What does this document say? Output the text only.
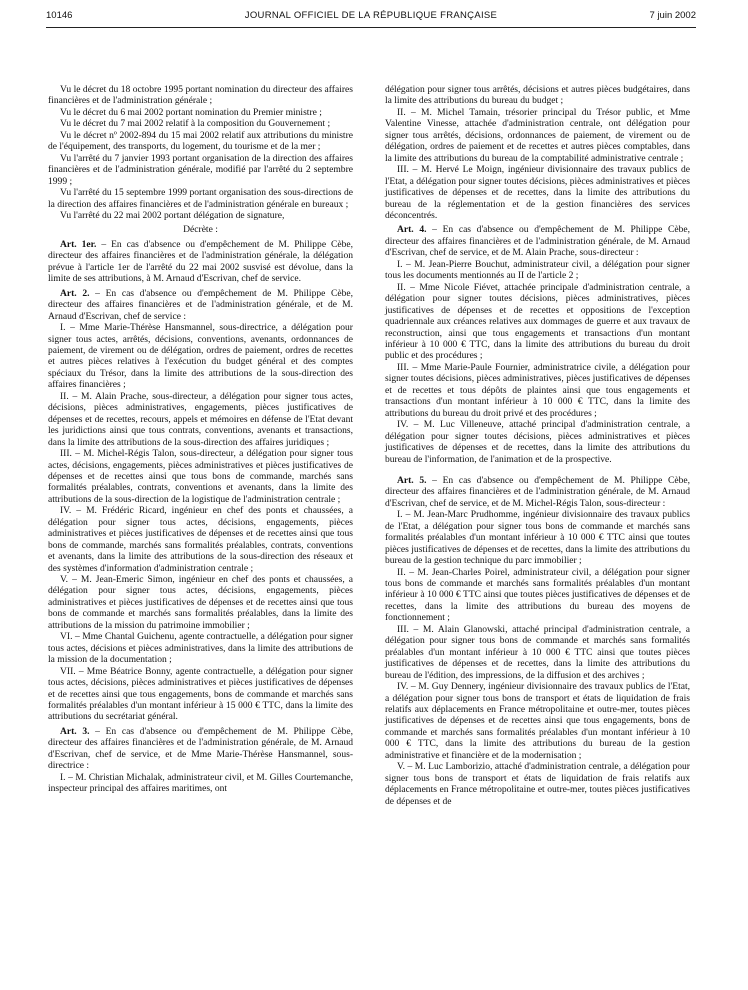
10146	JOURNAL OFFICIEL DE LA RÉPUBLIQUE FRANÇAISE	7 juin 2002

Vu le décret du 18 octobre 1995 portant nomination du directeur des affaires financières et de l'administration générale ;

Vu le décret du 6 mai 2002 portant nomination du Premier ministre ;

Vu le décret du 7 mai 2002 relatif à la composition du Gouvernement ;

Vu le décret nº 2002-894 du 15 mai 2002 relatif aux attributions du ministre de l'équipement, des transports, du logement, du tourisme et de la mer ;

Vu l'arrêté du 7 janvier 1993 portant organisation de la direction des affaires financières et de l'administration générale, modifié par l'arrêté du 2 septembre 1999 ;

Vu l'arrêté du 15 septembre 1999 portant organisation des sous-directions de la direction des affaires financières et de l'administration générale en bureaux ;

Vu l'arrêté du 22 mai 2002 portant délégation de signature,

Décrète :

Art. 1er. – En cas d'absence ou d'empêchement de M. Philippe Cèbe, directeur des affaires financières et de l'administration générale, la délégation prévue à l'article 1er de l'arrêté du 22 mai 2002 susvisé est dévolue, dans la limite de ses attributions, à M. Arnaud d'Escrivan, chef de service.

Art. 2. – En cas d'absence ou d'empêchement de M. Philippe Cèbe, directeur des affaires financières et de l'administration générale, et de M. Arnaud d'Escrivan, chef de service :

I. – Mme Marie-Thérèse Hansmannel, sous-directrice, a délégation pour signer tous actes, arrêtés, décisions, conventions, avenants, ordonnances de paiement, de virement ou de délégation, ordres de paiement, ordres de recettes et autres pièces relatives à l'exécution du budget général et des comptes spéciaux du Trésor, dans la limite des attributions de la sous-direction des affaires financières ;

II. – M. Alain Prache, sous-directeur, a délégation pour signer tous actes, décisions, pièces administratives, engagements, pièces justificatives de dépenses et de recettes, recours, appels et mémoires en défense de l'Etat devant les juridictions ainsi que tous contrats, conventions, avenants et transactions, dans la limite des attributions de la sous-direction des affaires juridiques ;

III. – M. Michel-Régis Talon, sous-directeur, a délégation pour signer tous actes, décisions, engagements, pièces administratives et pièces justificatives de dépenses et de recettes ainsi que tous bons de commande, marchés sans formalités préalables, contrats, conventions et avenants, dans la limite des attributions de la sous-direction de la logistique de l'administration centrale ;

IV. – M. Frédéric Ricard, ingénieur en chef des ponts et chaussées, a délégation pour signer tous actes, décisions, engagements, pièces administratives et pièces justificatives de dépenses et de recettes ainsi que tous bons de commande, marchés sans formalités préalables, contrats, conventions et avenants, dans la limite des attributions de la sous-direction des réseaux et des systèmes d'information d'administration centrale ;

V. – M. Jean-Emeric Simon, ingénieur en chef des ponts et chaussées, a délégation pour signer tous actes, décisions, engagements, pièces administratives et pièces justificatives de dépenses et de recettes ainsi que tous bons de commande et marchés sans formalités préalables, dans la limite des attributions de la mission du patrimoine immobilier ;

VI. – Mme Chantal Guichenu, agente contractuelle, a délégation pour signer tous actes, décisions et pièces administratives, dans la limite des attributions de la mission de la documentation ;

VII. – Mme Béatrice Bonny, agente contractuelle, a délégation pour signer tous actes, décisions, pièces administratives et pièces justificatives de dépenses et de recettes ainsi que tous engagements, bons de commande et marchés sans formalités préalables d'un montant inférieur à 15 000 € TTC, dans la limite des attributions du secrétariat général.

Art. 3. – En cas d'absence ou d'empêchement de M. Philippe Cèbe, directeur des affaires financières et de l'administration générale, de M. Arnaud d'Escrivan, chef de service, et de Mme Marie-Thérèse Hansmannel, sous-directrice :

I. – M. Christian Michalak, administrateur civil, et M. Gilles Courtemanche, inspecteur principal des affaires maritimes, ont

délégation pour signer tous arrêtés, décisions et autres pièces budgétaires, dans la limite des attributions du bureau du budget ;

II. – M. Michel Tamain, trésorier principal du Trésor public, et Mme Valentine Vinesse, attachée d'administration centrale, ont délégation pour signer tous arrêtés, décisions, ordonnances de paiement, de virement ou de délégation, ordres de paiement et de recettes et autres pièces comptables, dans la limite des attributions du bureau de la comptabilité administrative centrale ;

III. – M. Hervé Le Moign, ingénieur divisionnaire des travaux publics de l'Etat, a délégation pour signer toutes décisions, pièces administratives et pièces justificatives de dépenses et de recettes, dans la limite des attributions du bureau de la réglementation et de la gestion financières des services déconcentrés.

Art. 4. – En cas d'absence ou d'empêchement de M. Philippe Cèbe, directeur des affaires financières et de l'administration générale, de M. Arnaud d'Escrivan, chef de service, et de M. Alain Prache, sous-directeur :

I. – M. Jean-Pierre Bouchut, administrateur civil, a délégation pour signer tous les documents mentionnés au II de l'article 2 ;

II. – Mme Nicole Fiévet, attachée principale d'administration centrale, a délégation pour signer toutes décisions, pièces administratives, pièces justificatives de dépenses et de recettes et oppositions de l'exception quadriennale aux créances relatives aux dommages de guerre et aux travaux de reconstruction, ainsi que tous engagements et transactions d'un montant inférieur à 10 000 € TTC, dans la limite des attributions du bureau du droit public et des procédures ;

III. – Mme Marie-Paule Fournier, administratrice civile, a délégation pour signer toutes décisions, pièces administratives, pièces justificatives de dépenses et de recettes et tous dépôts de plaintes ainsi que tous engagements et transactions d'un montant inférieur à 10 000 € TTC, dans la limite des attributions du bureau du droit privé et des procédures ;

IV. – M. Luc Villeneuve, attaché principal d'administration centrale, a délégation pour signer toutes décisions, pièces administratives et pièces justificatives de dépenses et de recettes, dans la limite des attributions du bureau de l'information, de l'animation et de la prospective.

Art. 5. – En cas d'absence ou d'empêchement de M. Philippe Cèbe, directeur des affaires financières et de l'administration générale, de M. Arnaud d'Escrivan, chef de service, et de M. Michel-Régis Talon, sous-directeur :

I. – M. Jean-Marc Prudhomme, ingénieur divisionnaire des travaux publics de l'Etat, a délégation pour signer tous bons de commande et marchés sans formalités préalables d'un montant inférieur à 10 000 € TTC ainsi que toutes pièces justificatives de dépenses et de recettes, dans la limite des attributions du bureau de la gestion technique du parc immobilier ;

II. – M. Jean-Charles Poirel, administrateur civil, a délégation pour signer tous bons de commande et marchés sans formalités préalables d'un montant inférieur à 10 000 € TTC ainsi que toutes pièces justificatives de dépenses et de recettes, dans la limite des attributions du bureau des moyens de fonctionnement ;

III. – M. Alain Glanowski, attaché principal d'administration centrale, a délégation pour signer tous bons de commande et marchés sans formalités préalables d'un montant inférieur à 10 000 € TTC ainsi que toutes pièces justificatives de dépenses et de recettes, dans la limite des attributions du bureau de l'édition, des impressions, de la diffusion et des archives ;

IV. – M. Guy Dennery, ingénieur divisionnaire des travaux publics de l'Etat, a délégation pour signer tous bons de transport et états de liquidation de frais relatifs aux déplacements en France métropolitaine et outre-mer, toutes pièces justificatives de dépenses et de recettes ainsi que tous engagements, bons de commande et marchés sans formalités préalables d'un montant inférieur à 10 000 € TTC, dans la limite des attributions du bureau de la gestion administrative et financière et de la modernisation ;

V. – M. Luc Lamborizio, attaché d'administration centrale, a délégation pour signer tous bons de transport et états de liquidation de frais relatifs aux déplacements en France métropolitaine et outre-mer, toutes pièces justificatives de dépenses et de
